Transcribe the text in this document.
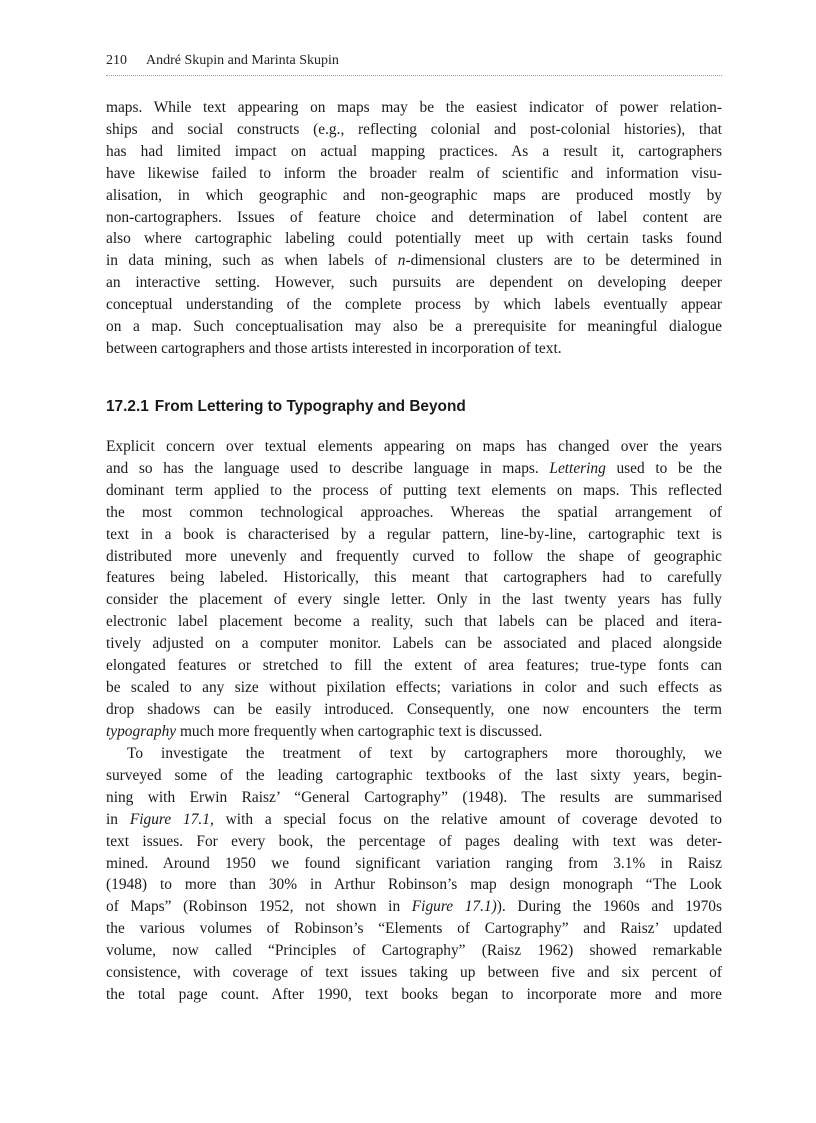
210 André Skupin and Marinta Skupin
maps. While text appearing on maps may be the easiest indicator of power relation-
ships and social constructs (e.g., reflecting colonial and post-colonial histories), that
has had limited impact on actual mapping practices. As a result it, cartographers
have likewise failed to inform the broader realm of scientific and information visu-
alisation, in which geographic and non-geographic maps are produced mostly by
non-cartographers. Issues of feature choice and determination of label content are
also where cartographic labeling could potentially meet up with certain tasks found
in data mining, such as when labels of n-dimensional clusters are to be determined in
an interactive setting. However, such pursuits are dependent on developing deeper
conceptual understanding of the complete process by which labels eventually appear
on a map. Such conceptualisation may also be a prerequisite for meaningful dialogue
between cartographers and those artists interested in incorporation of text.
17.2.1 From Lettering to Typography and Beyond
Explicit concern over textual elements appearing on maps has changed over the years
and so has the language used to describe language in maps. Lettering used to be the
dominant term applied to the process of putting text elements on maps. This reflected
the most common technological approaches. Whereas the spatial arrangement of
text in a book is characterised by a regular pattern, line-by-line, cartographic text is
distributed more unevenly and frequently curved to follow the shape of geographic
features being labeled. Historically, this meant that cartographers had to carefully
consider the placement of every single letter. Only in the last twenty years has fully
electronic label placement become a reality, such that labels can be placed and itera-
tively adjusted on a computer monitor. Labels can be associated and placed alongside
elongated features or stretched to fill the extent of area features; true-type fonts can
be scaled to any size without pixilation effects; variations in color and such effects as
drop shadows can be easily introduced. Consequently, one now encounters the term
typography much more frequently when cartographic text is discussed.
To investigate the treatment of text by cartographers more thoroughly, we
surveyed some of the leading cartographic textbooks of the last sixty years, begin-
ning with Erwin Raisz’ “General Cartography” (1948). The results are summarised
in Figure 17.1, with a special focus on the relative amount of coverage devoted to
text issues. For every book, the percentage of pages dealing with text was deter-
mined. Around 1950 we found significant variation ranging from 3.1% in Raisz
(1948) to more than 30% in Arthur Robinson’s map design monograph “The Look
of Maps” (Robinson 1952, not shown in Figure 17.1)). During the 1960s and 1970s
the various volumes of Robinson’s “Elements of Cartography” and Raisz’ updated
volume, now called “Principles of Cartography” (Raisz 1962) showed remarkable
consistence, with coverage of text issues taking up between five and six percent of
the total page count. After 1990, text books began to incorporate more and more
